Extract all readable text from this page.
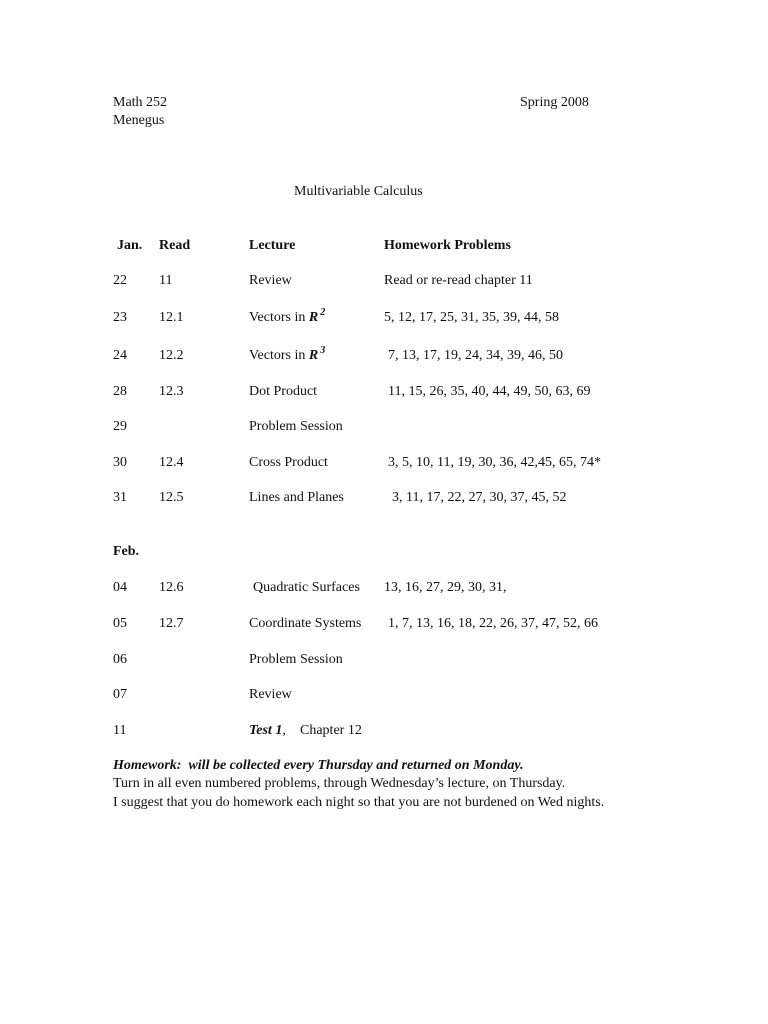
Math 252	Spring 2008
Menegus
Multivariable Calculus
Jan. Read	Lecture	Homework Problems
22 11	Review	Read or re-read chapter 11
23 12.1	Vectors in R $^2$	5, 12, 17, 25, 31, 35, 39, 44, 58
24 12.2	Vectors in R $^3$	7, 13, 17, 19, 24, 34, 39, 46, 50
28 12.3	Dot Product	11, 15, 26, 35, 40, 44, 49, 50, 63, 69
29	Problem Session
30 12.4	Cross Product	3, 5, 10, 11, 19, 30, 36, 42,45, 65, 74*
31 12.5	Lines and Planes	3, 11, 17, 22, 27, 30, 37, 45, 52
Feb.
04 12.6	Quadratic Surfaces 13, 16, 27, 29, 30, 31,
05 12.7	Coordinate Systems 1, 7, 13, 16, 18, 22, 26, 37, 47, 52, 66
06	Problem Session
07	Review
11	Test 1, Chapter 12
Homework: will be collected every Thursday and returned on Monday.
Turn in all even numbered problems, through Wednesday’s lecture, on Thursday.
I suggest that you do homework each night so that you are not burdened on Wed nights.
